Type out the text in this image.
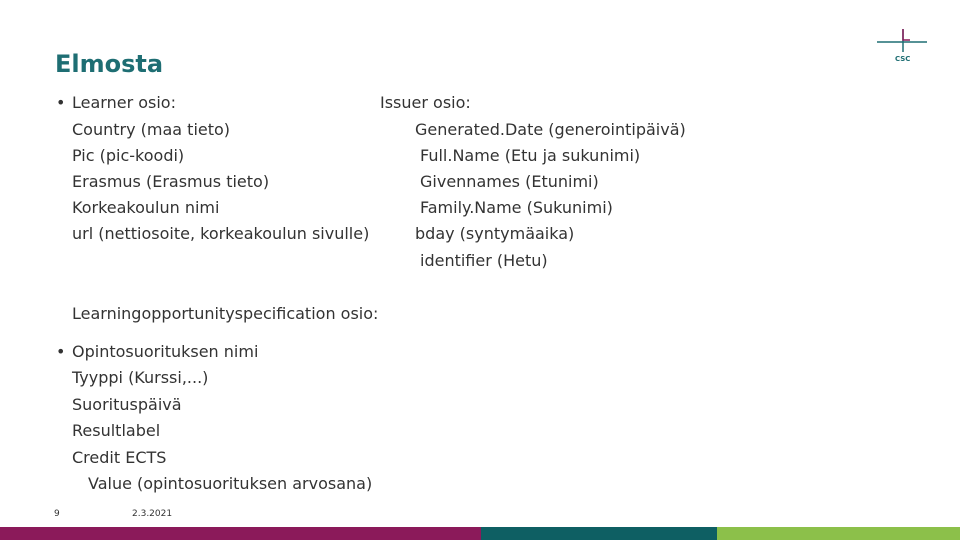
Elmosta	CSC
• Learner osio:
Country (maa tieto)
Pic (pic-koodi)
Erasmus (Erasmus tieto)
Korkeakoulun nimi
url (nettiosoite, korkeakoulun sivulle)
Issuer osio:
Generated.Date (generointipäivä)
Full.Name (Etu ja sukunimi)
Givennames (Etunimi)
Family.Name (Sukunimi)
bday (syntymäaika)
identifier (Hetu)
Learningopportunityspecification osio:
• Opintosuorituksen nimi
Tyyppi (Kurssi,...)
Suorituspäivä
Resultlabel
Credit ECTS
Value (opintosuorituksen arvosana)
9	2.3.2021
